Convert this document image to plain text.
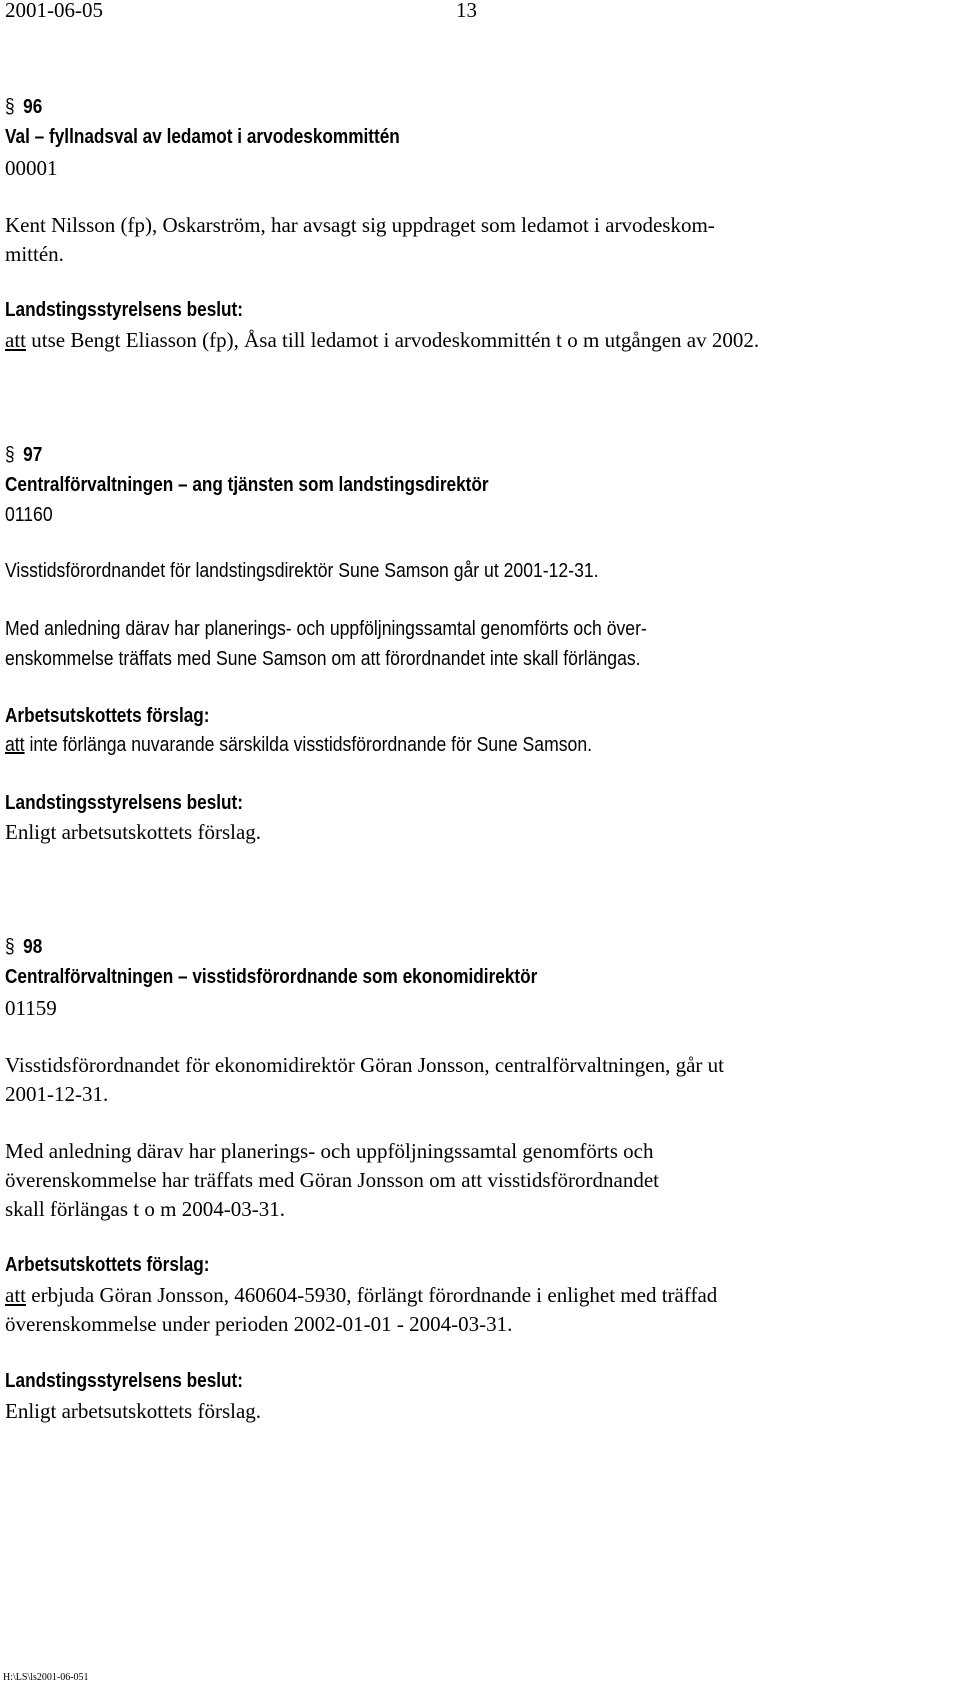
2001-06-05	13
§ 96
Val – fyllnadsval av ledamot i arvodeskommittén
00001
Kent Nilsson (fp), Oskarström, har avsagt sig uppdraget som ledamot i arvodeskom-
mittén.
Landstingsstyrelsens beslut:
att utse Bengt Eliasson (fp), Åsa till ledamot i arvodeskommittén t o m utgången av 2002.
§ 97
Centralförvaltningen – ang tjänsten som landstingsdirektör
01160
Visstidsförordnandet för landstingsdirektör Sune Samson går ut 2001-12-31.
Med anledning därav har planerings- och uppföljningssamtal genomförts och över-
enskommelse träffats med Sune Samson om att förordnandet inte skall förlängas.
Arbetsutskottets förslag:
att inte förlänga nuvarande särskilda visstidsförordnande för Sune Samson.
Landstingsstyrelsens beslut:
Enligt arbetsutskottets förslag.
§ 98
Centralförvaltningen – visstidsförordnande som ekonomidirektör
01159
Visstidsförordnandet för ekonomidirektör Göran Jonsson, centralförvaltningen, går ut
2001-12-31.
Med anledning därav har planerings- och uppföljningssamtal genomförts och
överenskommelse har träffats med Göran Jonsson om att visstidsförordnandet
skall förlängas t o m 2004-03-31.
Arbetsutskottets förslag:
att erbjuda Göran Jonsson, 460604-5930, förlängt förordnande i enlighet med träffad
överenskommelse under perioden 2002-01-01 - 2004-03-31.
Landstingsstyrelsens beslut:
Enligt arbetsutskottets förslag.
H:\LS\ls2001-06-051
